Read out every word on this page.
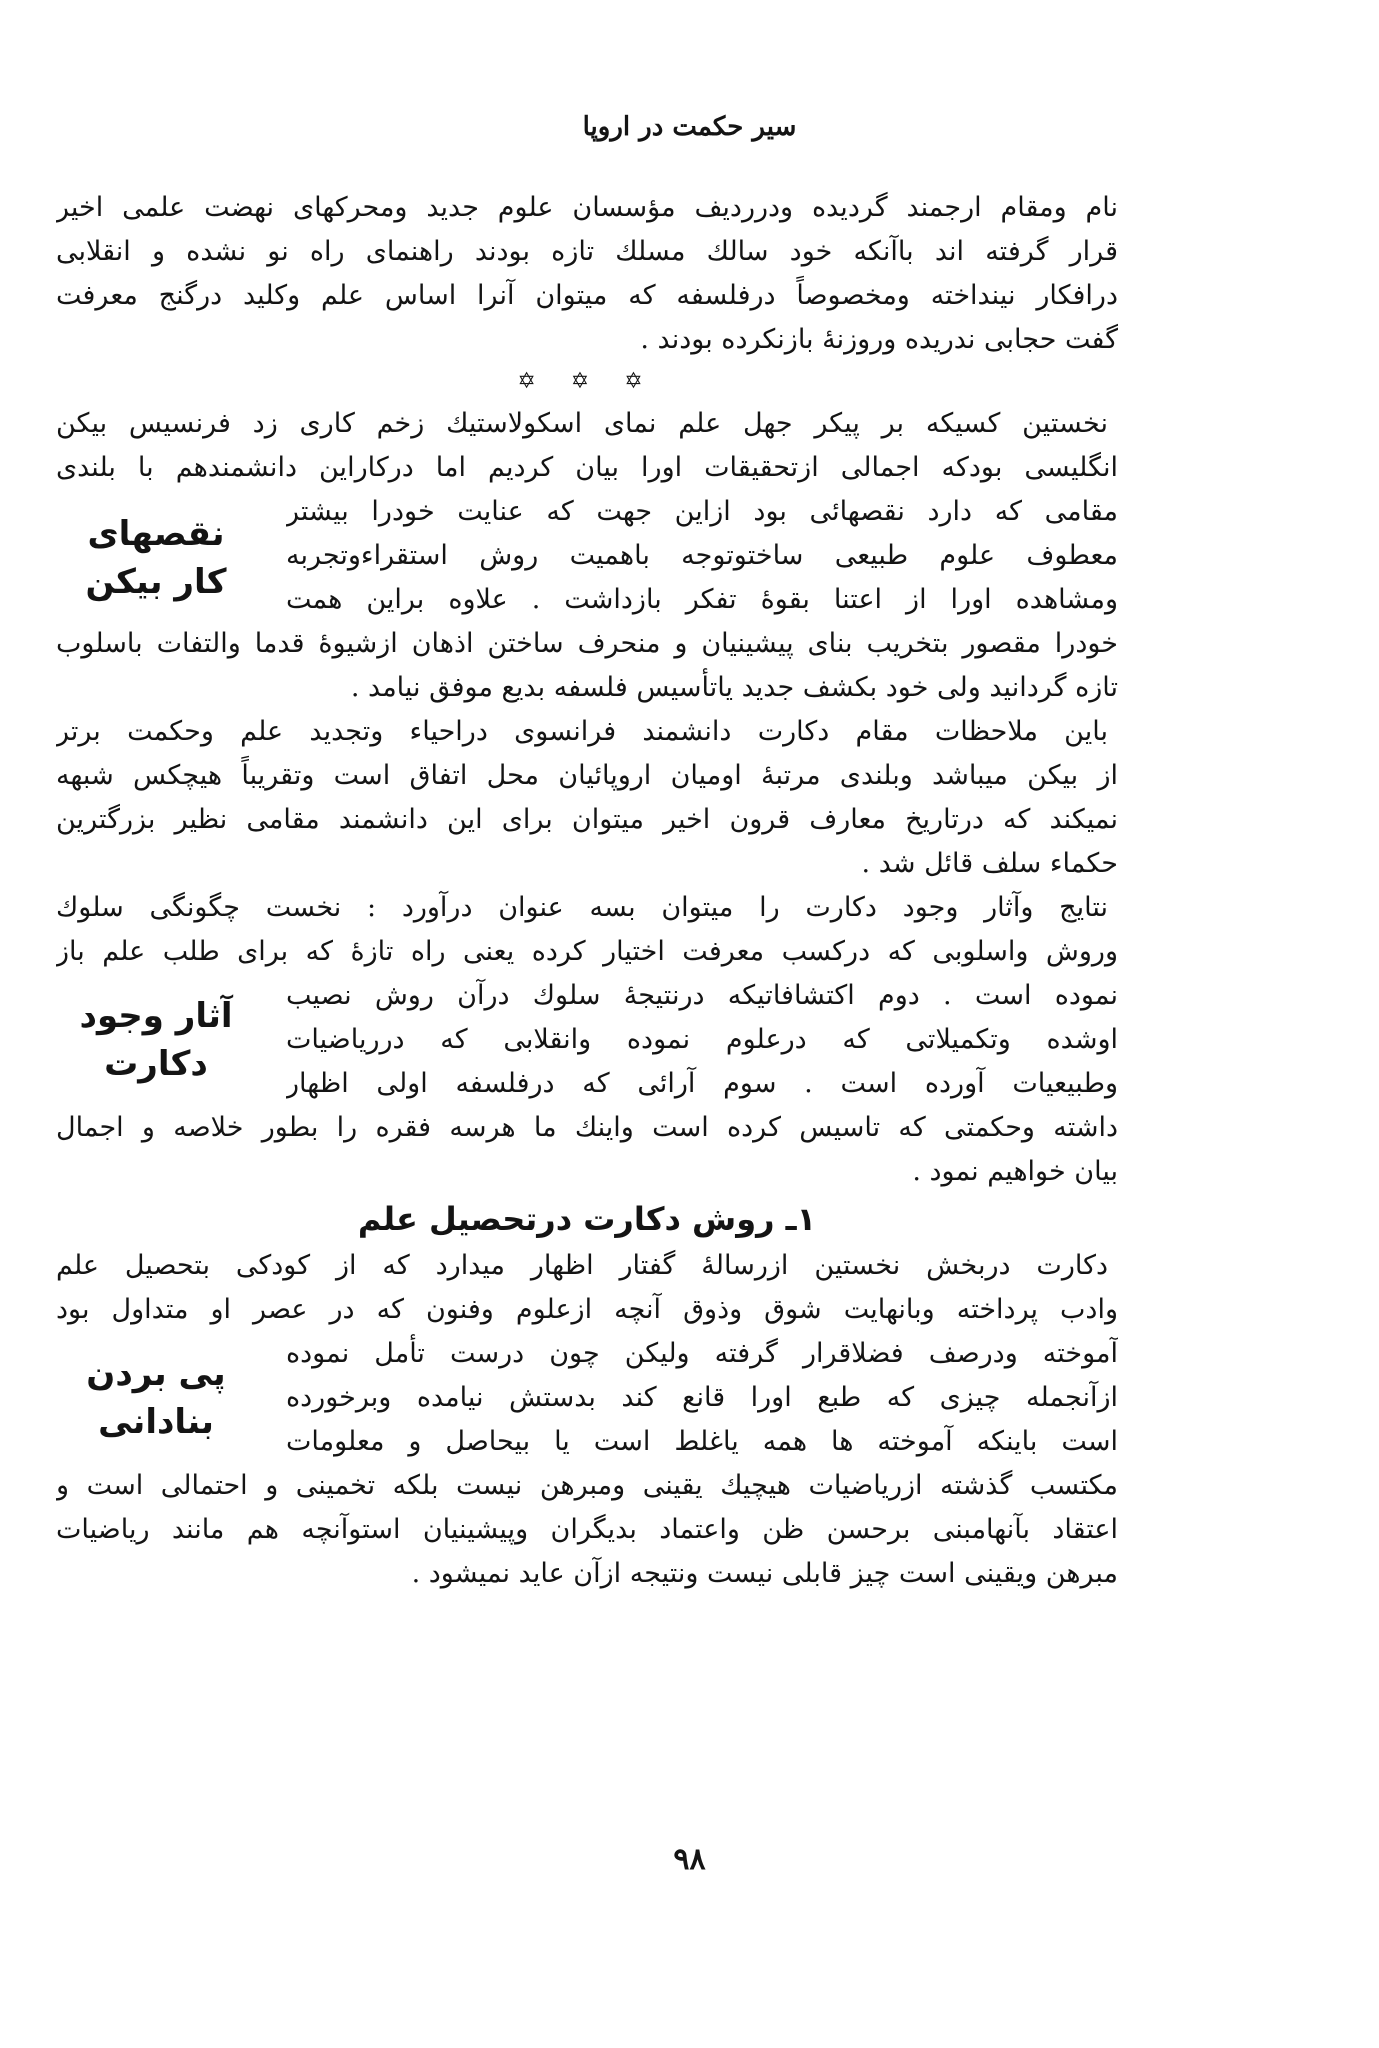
سیر حکمت در اروپا
نام ومقام ارجمند گردیده ودرردیف مؤسسان علوم جدید ومحرکهای نهضت علمی اخیر
قرار گرفته اند باآنکه خود سالك مسلك تازه بودند راهنمای راه نو نشده و انقلابی
درافکار نینداخته ومخصوصاً درفلسفه که میتوان آنرا اساس علم وکلید درگنج معرفت
گفت حجابی ندریده وروزنهٔ بازنکرده بودند .
✡ ✡ ✡
نخستین کسیکه بر پیکر جهل علم نمای اسکولاستیك زخم کاری زد فرنسیس بیکن
انگلیسی بودکه اجمالی ازتحقیقات اورا بیان کردیم اما درکاراین دانشمندهم با بلندی
نقصهای
کار بیکن
مقامی که دارد نقصهائی بود ازاین جهت که عنایت خودرا بیشتر
معطوف علوم طبیعی ساختوتوجه باهمیت روش استقراءوتجربه
ومشاهده اورا از اعتنا بقوهٔ تفکر بازداشت . علاوه براین همت
خودرا مقصور بتخریب بنای پیشینیان و منحرف ساختن اذهان ازشیوهٔ قدما والتفات باسلوب
تازه گردانید ولی خود بکشف جدید یاتأسیس فلسفه بدیع موفق نیامد .
باین ملاحظات مقام دکارت دانشمند فرانسوی دراحیاء وتجدید علم وحکمت برتر
از بیکن میباشد وبلندی مرتبهٔ اومیان اروپائیان محل اتفاق است وتقریباً هیچکس شبهه
نمیکند که درتاریخ معارف قرون اخیر میتوان برای این دانشمند مقامی نظیر بزرگترین
حکماء سلف قائل شد .
نتایج وآثار وجود دکارت را میتوان بسه عنوان درآورد : نخست چگونگی سلوك
وروش واسلوبی که درکسب معرفت اختیار کرده یعنی راه تازهٔ که برای طلب علم باز
آثار وجود
دکارت
نموده است . دوم اکتشافاتیکه درنتیجهٔ سلوك درآن روش نصیب
اوشده وتکمیلاتی که درعلوم نموده وانقلابی که درریاضیات
وطبیعیات آورده است . سوم آرائی که درفلسفه اولی اظهار
داشته وحکمتی که تاسیس کرده است واینك ما هرسه فقره را بطور خلاصه و اجمال
بیان خواهیم نمود .
۱ـ روش دکارت درتحصیل علم
دکارت دربخش نخستین ازرسالهٔ گفتار اظهار میدارد که از کودکی بتحصیل علم
وادب پرداخته وبانهایت شوق وذوق آنچه ازعلوم وفنون که در عصر او متداول بود
پی بردن
بنادانی
آموخته ودرصف فضلاقرار گرفته ولیکن چون درست تأمل نموده
ازآنجمله چیزی که طبع اورا قانع کند بدستش نیامده وبرخورده
است باینکه آموخته ها همه یاغلط است یا بیحاصل و معلومات
مکتسب گذشته ازریاضیات هیچیك یقینی ومبرهن نیست بلکه تخمینی و احتمالی است و
اعتقاد بآنهامبنی برحسن ظن واعتماد بدیگران وپیشینیان استوآنچه هم مانند ریاضیات
مبرهن ویقینی است چیز قابلی نیست ونتیجه ازآن عاید نمیشود .
۹۸
